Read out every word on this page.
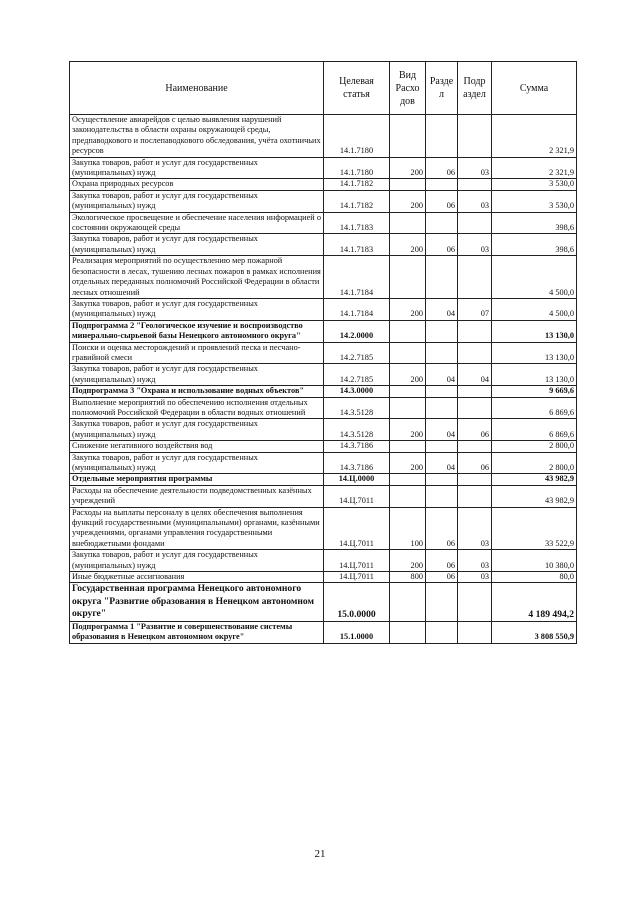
Наименование	Целевая статья	Вид Расхо дов	Разде л	Подр аздел	Сумма
Осуществление авиарейдов с целью выявления нарушений законодательства в области охраны окружающей среды, предпаводкового и послепаводкового обследования, учёта охотничьих ресурсов	14.1.7180				2 321,9
Закупка товаров, работ и услуг для государственных (муниципальных) нужд	14.1.7180	200	06	03	2 321,9
Охрана природных ресурсов	14.1.7182				3 530,0
Закупка товаров, работ и услуг для государственных (муниципальных) нужд	14.1.7182	200	06	03	3 530,0
Экологическое просвещение и обеспечение населения информацией о состоянии окружающей среды	14.1.7183				398,6
Закупка товаров, работ и услуг для государственных (муниципальных) нужд	14.1.7183	200	06	03	398,6
Реализация мероприятий по осуществлению мер пожарной безопасности в лесах, тушению лесных пожаров в рамках исполнения отдельных переданных полномочий Российской Федерации в области лесных отношений	14.1.7184				4 500,0
Закупка товаров, работ и услуг для государственных (муниципальных) нужд	14.1.7184	200	04	07	4 500,0
Подпрограмма 2 "Геологическое изучение и воспроизводство минерально-сырьевой базы Ненецкого автономного округа"	14.2.0000				13 130,0
Поиски и оценка месторождений и проявлений песка и песчано-гравийной смеси	14.2.7185				13 130,0
Закупка товаров, работ и услуг для государственных (муниципальных) нужд	14.2.7185	200	04	04	13 130,0
Подпрограмма 3 "Охрана и использование водных объектов"	14.3.0000				9 669,6
Выполнение мероприятий по обеспечению исполнения отдельных полномочий Российской Федерации в области водных отношений	14.3.5128				6 869,6
Закупка товаров, работ и услуг для государственных (муниципальных) нужд	14.3.5128	200	04	06	6 869,6
Снижение негативного воздействия вод	14.3.7186				2 800,0
Закупка товаров, работ и услуг для государственных (муниципальных) нужд	14.3.7186	200	04	06	2 800,0
Отдельные мероприятия программы	14.Ц.0000				43 982,9
Расходы на обеспечение деятельности подведомственных казённых учреждений	14.Ц.7011				43 982,9
Расходы на выплаты персоналу в целях обеспечения выполнения функций государственными (муниципальными) органами, казёнными учреждениями, органами управления государственными внебюджетными фондами	14.Ц.7011	100	06	03	33 522,9
Закупка товаров, работ и услуг для государственных (муниципальных) нужд	14.Ц.7011	200	06	03	10 380,0
Иные бюджетные ассигнования	14.Ц.7011	800	06	03	80,0
Государственная программа Ненецкого автономного округа "Развитие образования в Ненецком автономном округе"	15.0.0000				4 189 494,2
Подпрограмма 1 "Развитие и совершенствование системы образования в Ненецком автономном округе"	15.1.0000				3 808 550,9
21
